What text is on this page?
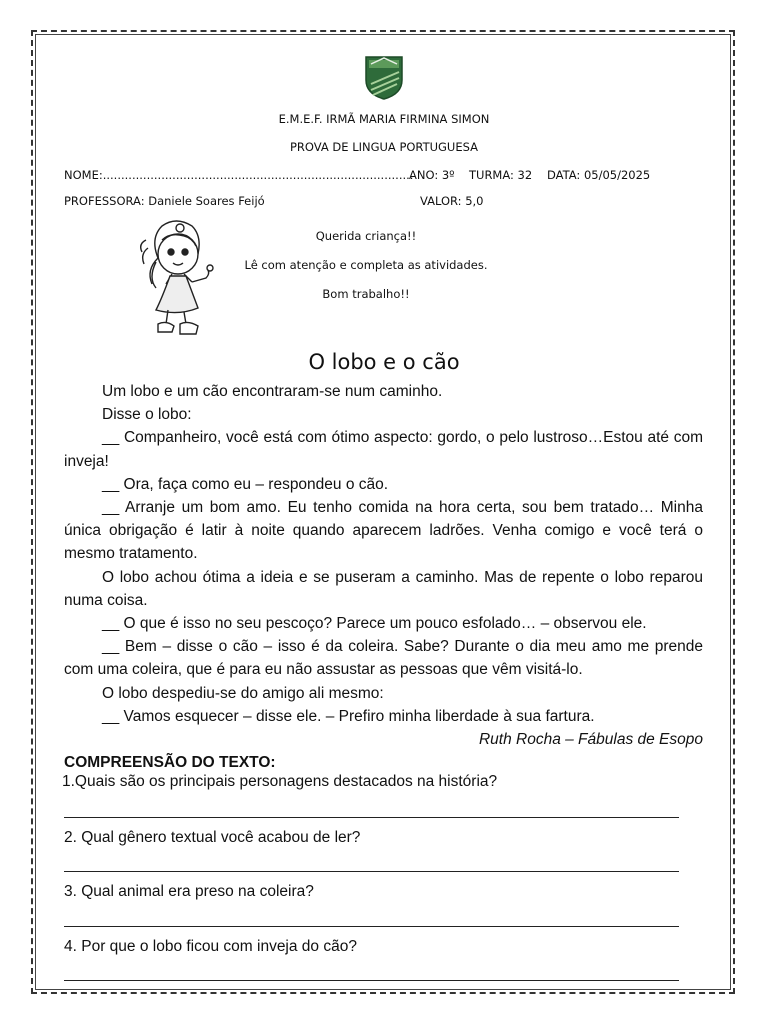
E.M.E.F. IRMÃ MARIA FIRMINA SIMON
PROVA DE LINGUA PORTUGUESA
NOME:.....................................................................................
ANO: 3º TURMA: 32 DATA: 05/05/2025
PROFESSORA: Daniele Soares Feijó	VALOR: 5,0
Querida criança!!
Lê com atenção e completa as atividades.
Bom trabalho!!
O lobo e o cão

Um lobo e um cão encontraram-se num caminho.

Disse o lobo:

__ Companheiro, você está com ótimo aspecto: gordo, o pelo lustroso…Estou até com inveja!

__ Ora, faça como eu – respondeu o cão.

__ Arranje um bom amo. Eu tenho comida na hora certa, sou bem tratado… Minha única obrigação é latir à noite quando aparecem ladrões. Venha comigo e você terá o mesmo tratamento.

O lobo achou ótima a ideia e se puseram a caminho. Mas de repente o lobo reparou numa coisa.

__ O que é isso no seu pescoço? Parece um pouco esfolado… – observou ele.

__ Bem – disse o cão – isso é da coleira. Sabe? Durante o dia meu amo me prende com uma coleira, que é para eu não assustar as pessoas que vêm visitá-lo.

O lobo despediu-se do amigo ali mesmo:

__ Vamos esquecer – disse ele. – Prefiro minha liberdade à sua fartura.

Ruth Rocha – Fábulas de Esopo

COMPREENSÃO DO TEXTO:
1.Quais são os principais personagens destacados na história?
2. Qual gênero textual você acabou de ler?
3. Qual animal era preso na coleira?
4. Por que o lobo ficou com inveja do cão?
